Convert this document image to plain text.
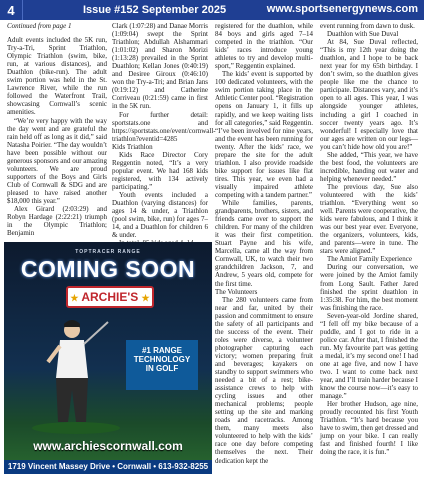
4	Issue #152 September 2025	www.sportsenergynews.com

Continued from page 1

Adult events included the 5K run, Try-a-Tri, Sprint Triathlon, Olympic Triathlon (swim, bike, run, at various distances), and Duathlon (bike-run). The adult swim portion was held in the St. Lawrence River, while the run followed the Waterfront Trail, showcasing Cornwall’s scenic amenities.

“We’re very happy with the way the day went and are grateful the rain held off as long as it did,” said Natasha Poirier. “The day wouldn’t have been possible without our generous sponsors and our amazing volunteers. We are proud supporters of the Boys and Girls Club of Cornwall & SDG and are pleased to have raised another $18,000 this year.”

Alex Girard (2:03:29) and Robyn Hardage (2:22:21) triumph in the Olympic Triathlon; Benjamin

Clark (1:07:28) and Danae Morris (1:09:04) swept the Sprint Triathlon; Abdullah Alshammari (1:01:02) and Sharon Morizi (1:13:28) prevailed in the Sprint Duathlon; Kellan Jones (0:40:19) and Desiree Giroux (0:46:10) won the Try-a-Tri; and Brian Jans (0:19:12) and Catherine Corriveau (0:21:59) came in first in the 5K run.

For further detail: sportstats.one and https://sportstats.one/event/cornwall-triathlon?eventid=4285

Kids Triathlon

Kids Race Director Cory Reggentin noted, “It’s a very popular event. We had 168 kids registered, with 134 actively participating.”

Youth events included a Duathlon (varying distances) for ages 14 & under, a Triathlon (pool swim, bike, run) for ages 7–14, and a Duathlon for children 6 & under.

registered for the duathlon, while 84 boys and girls aged 7–14 competed in the triathlon. “Our kids’ races introduce young athletes to try and develop multi-sport,” Reggentin explained.

The kids’ event is supported by 100 dedicated volunteers, with the swim portion taking place in the Athletic Center pool. “Registration opens on January 1, it fills up rapidly, and we keep waiting lists for all categories,” said Reggentin. “I’ve been involved for nine years, and the event has been running for twenty. After the kids’ race, we prepare the site for the adult triathlon. I also provide roadside bike support for issues like flat tires. This year, we even had a visually impaired athlete competing with a tandem partner.”

While families, parents, grandparents, brothers, sisters, and friends came over to support the children. For many of the children it was their first competition. Stuart Payne and his wife, Marcella, came all the way from Cornwall, UK, to watch their two grandchildren Jackson, 7, and Andrew, 5 years old, compete for the first time.

The Volunteers

The 280 volunteers came from near and far, united by their passion and commitment to ensure the safety of all participants and the success of the event. Their roles were diverse, a volunteer photographer capturing each victory; women preparing fruit and beverages; kayakers on standby to support swimmers who needed a bit of a rest; bike-assistance crews to help with cycling issues and other mechanical problems; people setting up the site and marking roads and racetracks. Among them, many meets also volunteered to help with the kids’ race one day before competing themselves the next. Their dedication kept the

event running from dawn to dusk.

Duathlon with Sue Duval

At 84, Sue Duval reflected, “This is my 12th year doing the duathlon, and I hope to be back next year for my 65th birthday. I don’t swim, so the duathlon gives people like me the chance to participate. Distances vary, and it’s open to all ages. This year, I was alongside younger athletes, including a girl I coached in soccer twenty years ago. It’s wonderful! I especially love that our ages are written on our legs—you can’t hide how old you are!”

She added, “This year, we have the best food, the volunteers are incredible, handing out water and helping whenever needed.”

The previous day, Sue also volunteered with the kids’ triathlon. “Everything went so well. Parents were cooperative, the kids were fabulous, and I think it was our best year ever. Everyone, the organizers, volunteers, kids, and parents—were in tune. The stars were aligned.”

The Amiot Family Experience

During our conversation, we were joined by the Amiot family from Long Sault. Father Jared finished the sprint duathlon in 1:35:38. For him, the best moment was finishing the race.

Seven-year-old Jordine shared, “I fell off my bike because of a puddle, and I got to ride in a police car. After that, I finished the run. My favourite part was getting a medal, it’s my second one! I had one at age five, and now I have two. I want to come back next year, and I’ll train harder because I know the course now—it’s easy to manage.”

Her brother Hudson, age nine, proudly recounted his first Youth Triathlon. “It’s hard because you have to swim, then get dressed and jump on your bike. I can really fast and finished fourth! I like doing the race, it is fun.”

TOPTRACER RANGE
COMING SOON
★ ARCHIE'S ★
#1 RANGE
TECHNOLOGY
IN GOLF
www.archiescornwall.com
1719 Vincent Massey Drive • Cornwall • 613-932-8255
